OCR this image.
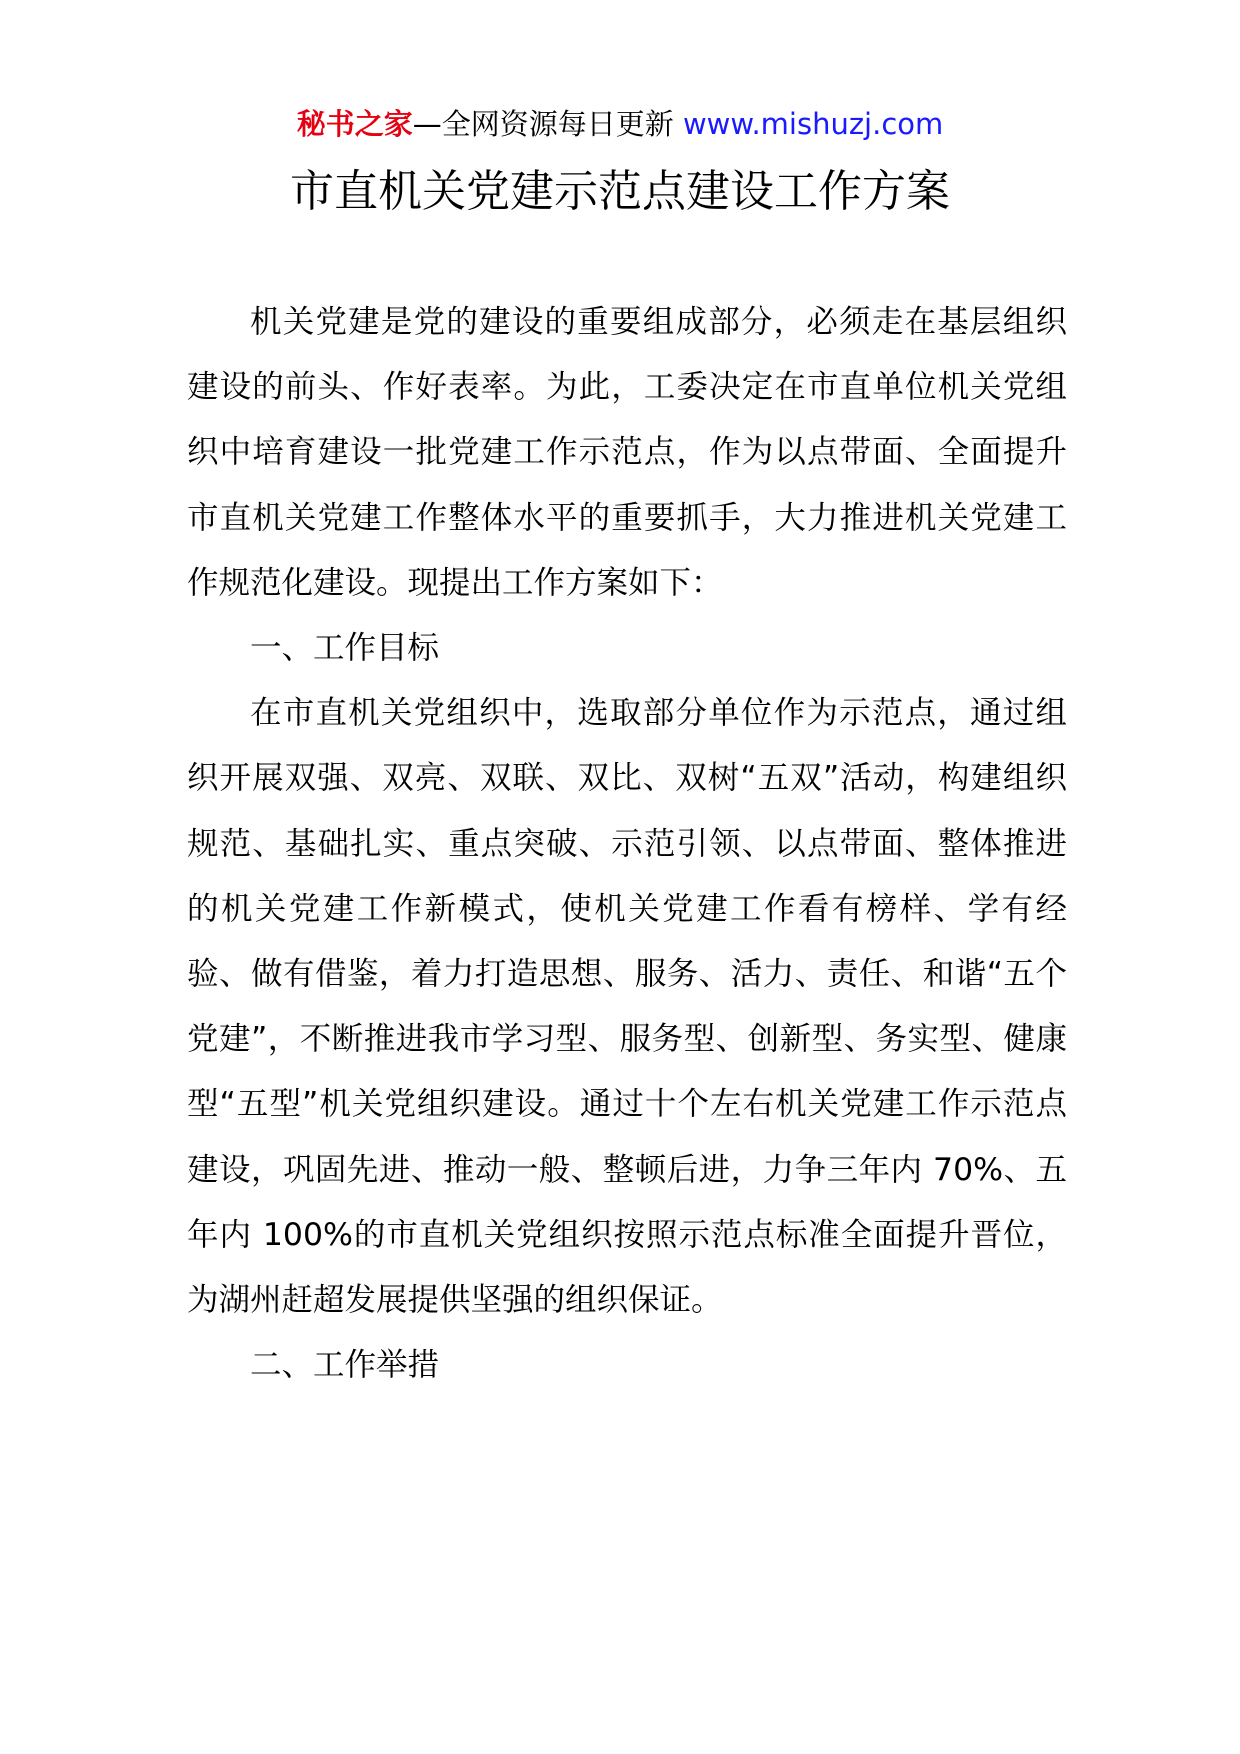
秘书之家—全网资源每日更新 www.mishuzj.com
市直机关党建示范点建设工作方案

机关党建是党的建设的重要组成部分，必须走在基层组织建设的前头、作好表率。为此，工委决定在市直单位机关党组织中培育建设一批党建工作示范点，作为以点带面、全面提升市直机关党建工作整体水平的重要抓手，大力推进机关党建工作规范化建设。现提出工作方案如下：

一、工作目标

在市直机关党组织中，选取部分单位作为示范点，通过组织开展双强、双亮、双联、双比、双树“五双”活动，构建组织规范、基础扎实、重点突破、示范引领、以点带面、整体推进的机关党建工作新模式，使机关党建工作看有榜样、学有经验、做有借鉴，着力打造思想、服务、活力、责任、和谐“五个党建”，不断推进我市学习型、服务型、创新型、务实型、健康型“五型”机关党组织建设。通过十个左右机关党建工作示范点建设，巩固先进、推动一般、整顿后进，力争三年内 70%、五年内 100%的市直机关党组织按照示范点标准全面提升晋位，为湖州赶超发展提供坚强的组织保证。

二、工作举措
